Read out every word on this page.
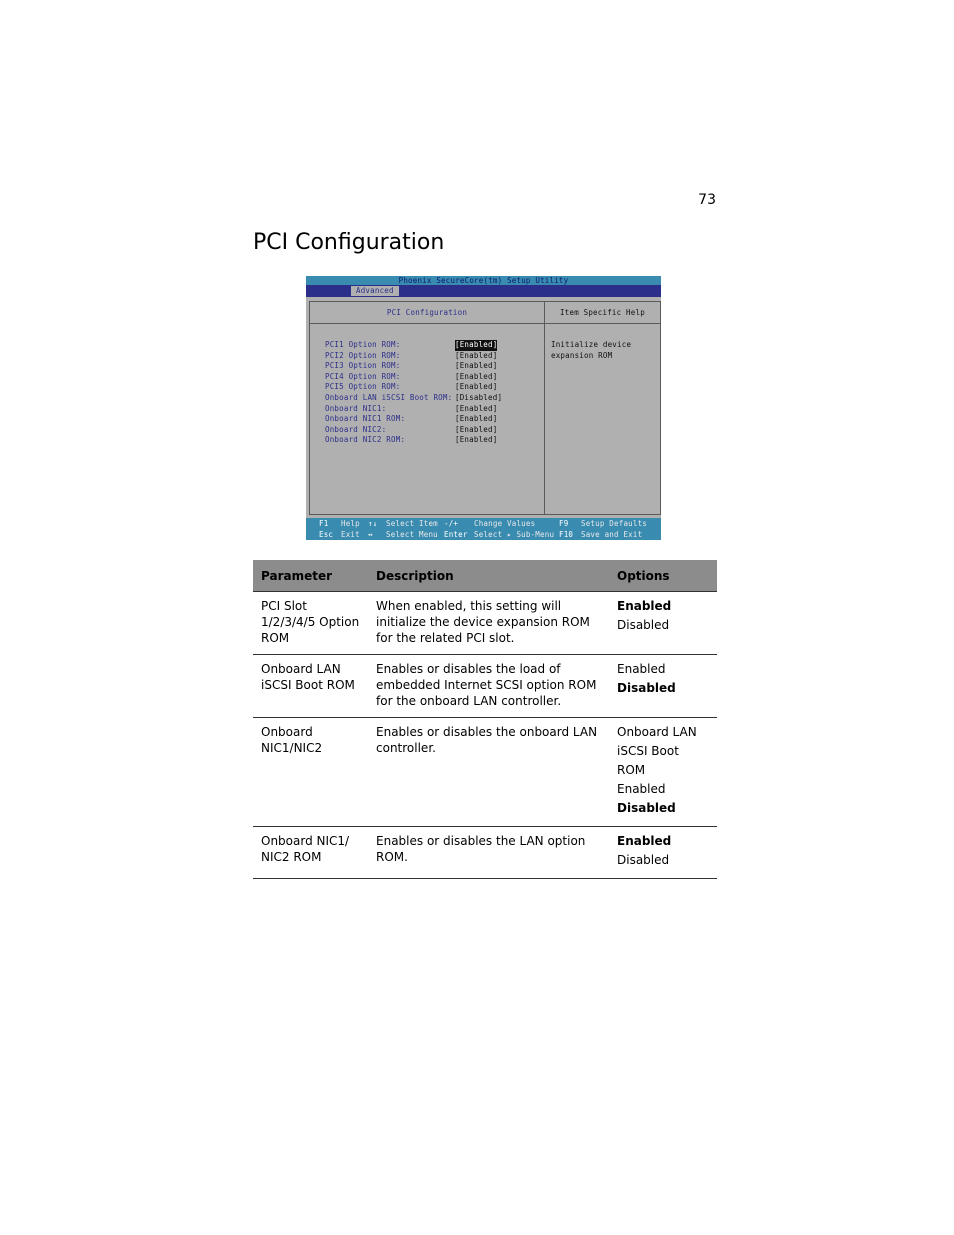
73
PCI Configuration
Phoenix SecureCore(tm) Setup Utility
Advanced
PCI Configuration
PCI1 Option ROM:	[Enabled]
PCI2 Option ROM:	[Enabled]
PCI3 Option ROM:	[Enabled]
PCI4 Option ROM:	[Enabled]
PCI5 Option ROM:	[Enabled]
Onboard LAN iSCSI Boot ROM: [Disabled]
Onboard NIC1:	[Enabled]
Onboard NIC1 ROM:	[Enabled]
Onboard NIC2:	[Enabled]
Onboard NIC2 ROM:	[Enabled]
Item Specific Help
Initialize device expansion ROM
F1 Help ↑↓ Select Item -/+ Change Values	F9 Setup Defaults
Esc Exit ↔ Select Menu Enter Select ▸ Sub-Menu F10 Save and Exit
Parameter	Description	Options
PCI Slot 1/2/3/4/5 Option ROM	When enabled, this setting will initialize the device expansion ROM for the related PCI slot.	Enabled
Disabled

Onboard LAN iSCSI Boot ROM	Enables or disables the load of embedded Internet SCSI option ROM for the onboard LAN controller.	Enabled
Disabled

Onboard NIC1/NIC2	Enables or disables the onboard LAN controller.	Onboard LAN
iSCSI Boot ROM
Enabled
Disabled

Onboard NIC1/ NIC2 ROM	Enables or disables the LAN option ROM.	Enabled
Disabled
